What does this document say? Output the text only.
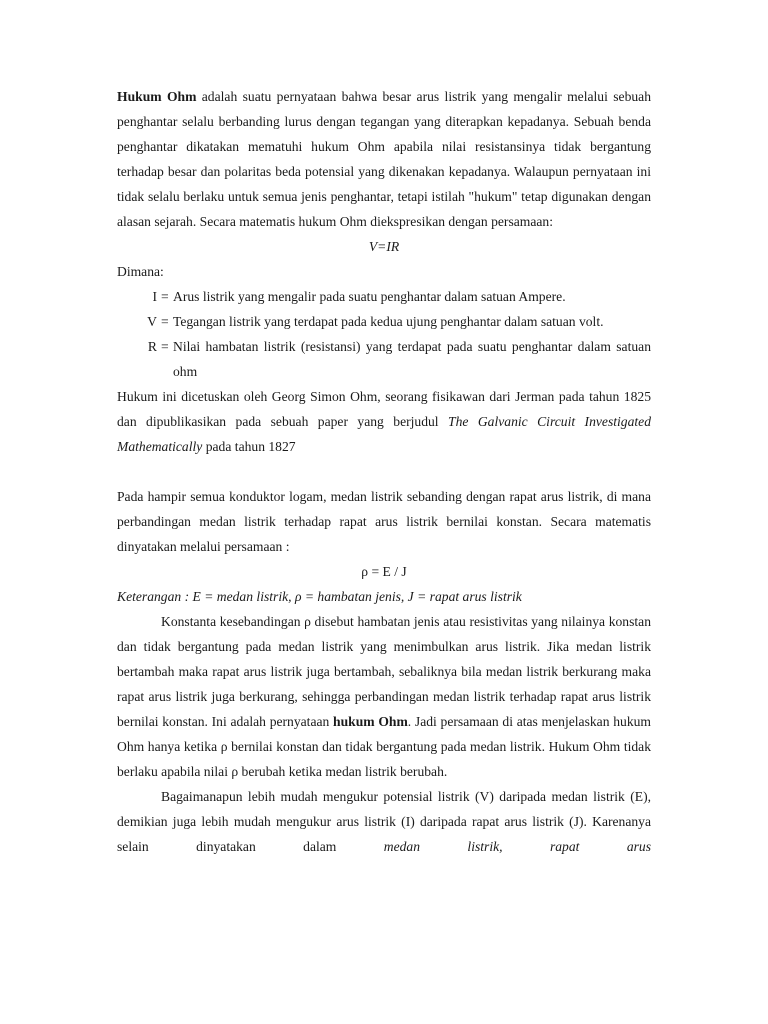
Hukum Ohm adalah suatu pernyataan bahwa besar arus listrik yang mengalir melalui sebuah penghantar selalu berbanding lurus dengan tegangan yang diterapkan kepadanya. Sebuah benda penghantar dikatakan mematuhi hukum Ohm apabila nilai resistansinya tidak bergantung terhadap besar dan polaritas beda potensial yang dikenakan kepadanya. Walaupun pernyataan ini tidak selalu berlaku untuk semua jenis penghantar, tetapi istilah "hukum" tetap digunakan dengan alasan sejarah. Secara matematis hukum Ohm diekspresikan dengan persamaan:

V=IR

Dimana:

I = Arus listrik yang mengalir pada suatu penghantar dalam satuan Ampere.
V = Tegangan listrik yang terdapat pada kedua ujung penghantar dalam satuan volt.
R = Nilai hambatan listrik (resistansi) yang terdapat pada suatu penghantar dalam satuan ohm

Hukum ini dicetuskan oleh Georg Simon Ohm, seorang fisikawan dari Jerman pada tahun 1825 dan dipublikasikan pada sebuah paper yang berjudul The Galvanic Circuit Investigated Mathematically pada tahun 1827

Pada hampir semua konduktor logam, medan listrik sebanding dengan rapat arus listrik, di mana perbandingan medan listrik terhadap rapat arus listrik bernilai konstan. Secara matematis dinyatakan melalui persamaan :

ρ = E / J

Keterangan : E = medan listrik, ρ = hambatan jenis, J = rapat arus listrik

Konstanta kesebandingan ρ disebut hambatan jenis atau resistivitas yang nilainya konstan dan tidak bergantung pada medan listrik yang menimbulkan arus listrik. Jika medan listrik bertambah maka rapat arus listrik juga bertambah, sebaliknya bila medan listrik berkurang maka rapat arus listrik juga berkurang, sehingga perbandingan medan listrik terhadap rapat arus listrik bernilai konstan. Ini adalah pernyataan hukum Ohm. Jadi persamaan di atas menjelaskan hukum Ohm hanya ketika ρ bernilai konstan dan tidak bergantung pada medan listrik. Hukum Ohm tidak berlaku apabila nilai ρ berubah ketika medan listrik berubah.

Bagaimanapun lebih mudah mengukur potensial listrik (V) daripada medan listrik (E), demikian juga lebih mudah mengukur arus listrik (I) daripada rapat arus listrik (J). Karenanya selain dinyatakan dalam medan listrik, rapat arus
